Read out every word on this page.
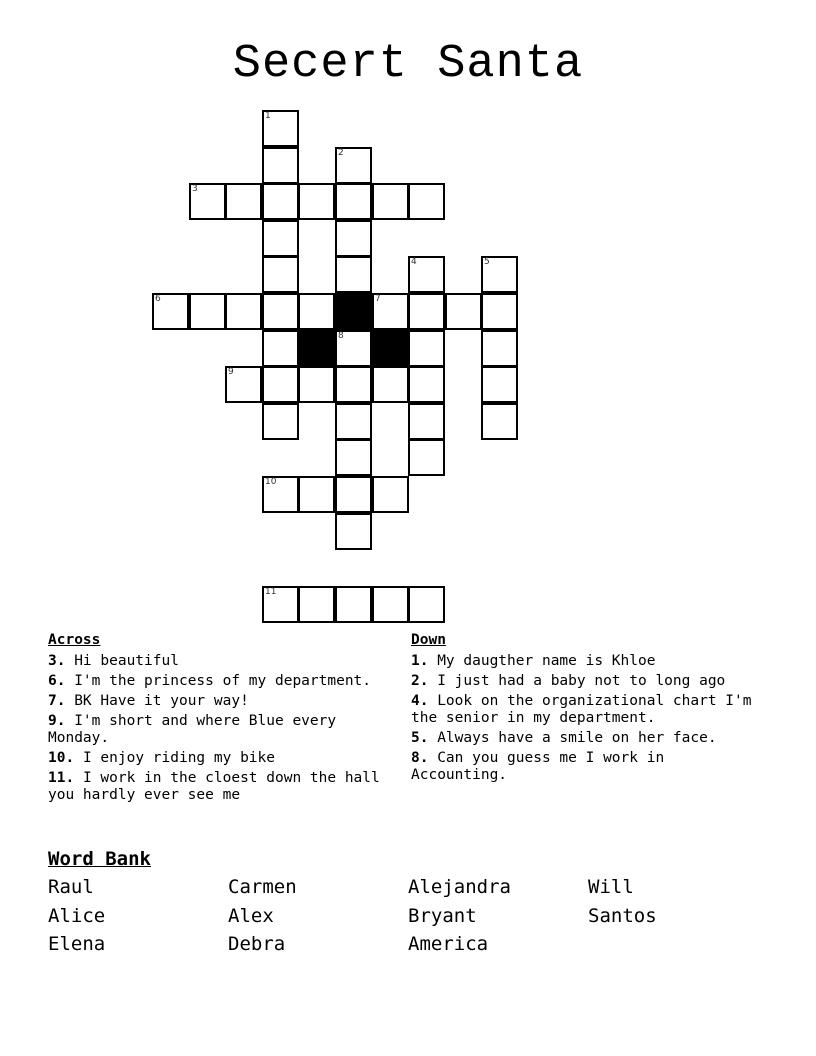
Secert Santa
1
2
3
4	5
6	7
8
9
10
11
Across
3. Hi beautiful
6. I'm the princess of my department.
7. BK Have it your way!
9. I'm short and where Blue every Monday.
10. I enjoy riding my bike
11. I work in the cloest down the hall you hardly ever see me
Down
1. My daugther name is Khloe
2. I just had a baby not to long ago
4. Look on the organizational chart I'm the senior in my department.
5. Always have a smile on her face.
8. Can you guess me I work in Accounting.
Word Bank
Raul	Carmen	Alejandra	Will
Alice	Alex	Bryant	Santos
Elena	Debra	America
